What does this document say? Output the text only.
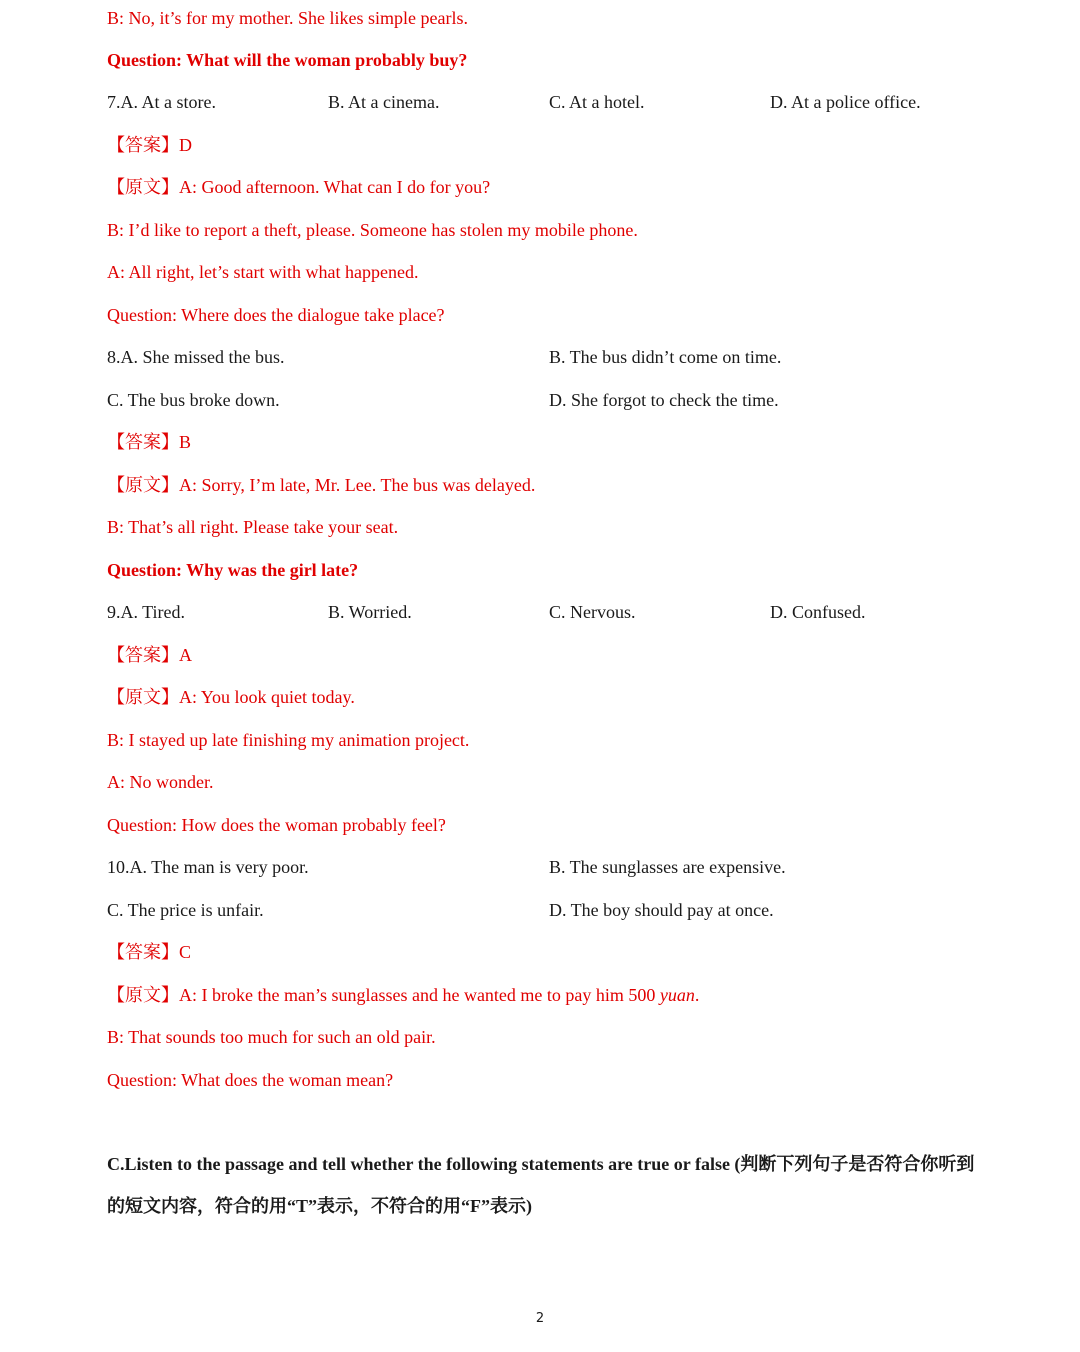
B: No, it’s for my mother. She likes simple pearls.
Question: What will the woman probably buy?
7.A. At a store.	B. At a cinema.	C. At a hotel.	D. At a police office.
【答案】D
【原文】A: Good afternoon. What can I do for you?
B: I’d like to report a theft, please. Someone has stolen my mobile phone.
A: All right, let’s start with what happened.
Question: Where does the dialogue take place?
8.A. She missed the bus.	B. The bus didn’t come on time.
C. The bus broke down.	D. She forgot to check the time.
【答案】B
【原文】A: Sorry, I’m late, Mr. Lee. The bus was delayed.
B: That’s all right. Please take your seat.
Question: Why was the girl late?
9.A. Tired.	B. Worried.	C. Nervous.	D. Confused.
【答案】A
【原文】A: You look quiet today.
B: I stayed up late finishing my animation project.
A: No wonder.
Question: How does the woman probably feel?
10.A. The man is very poor.	B. The sunglasses are expensive.
C. The price is unfair.	D. The boy should pay at once.
【答案】C
【原文】A: I broke the man’s sunglasses and he wanted me to pay him 500 yuan.
B: That sounds too much for such an old pair.
Question: What does the woman mean?
C.Listen to the passage and tell whether the following statements are true or false (判断下列句子是否符合你听到的短文内容，符合的用“T”表示，不符合的用“F”表示)
2
